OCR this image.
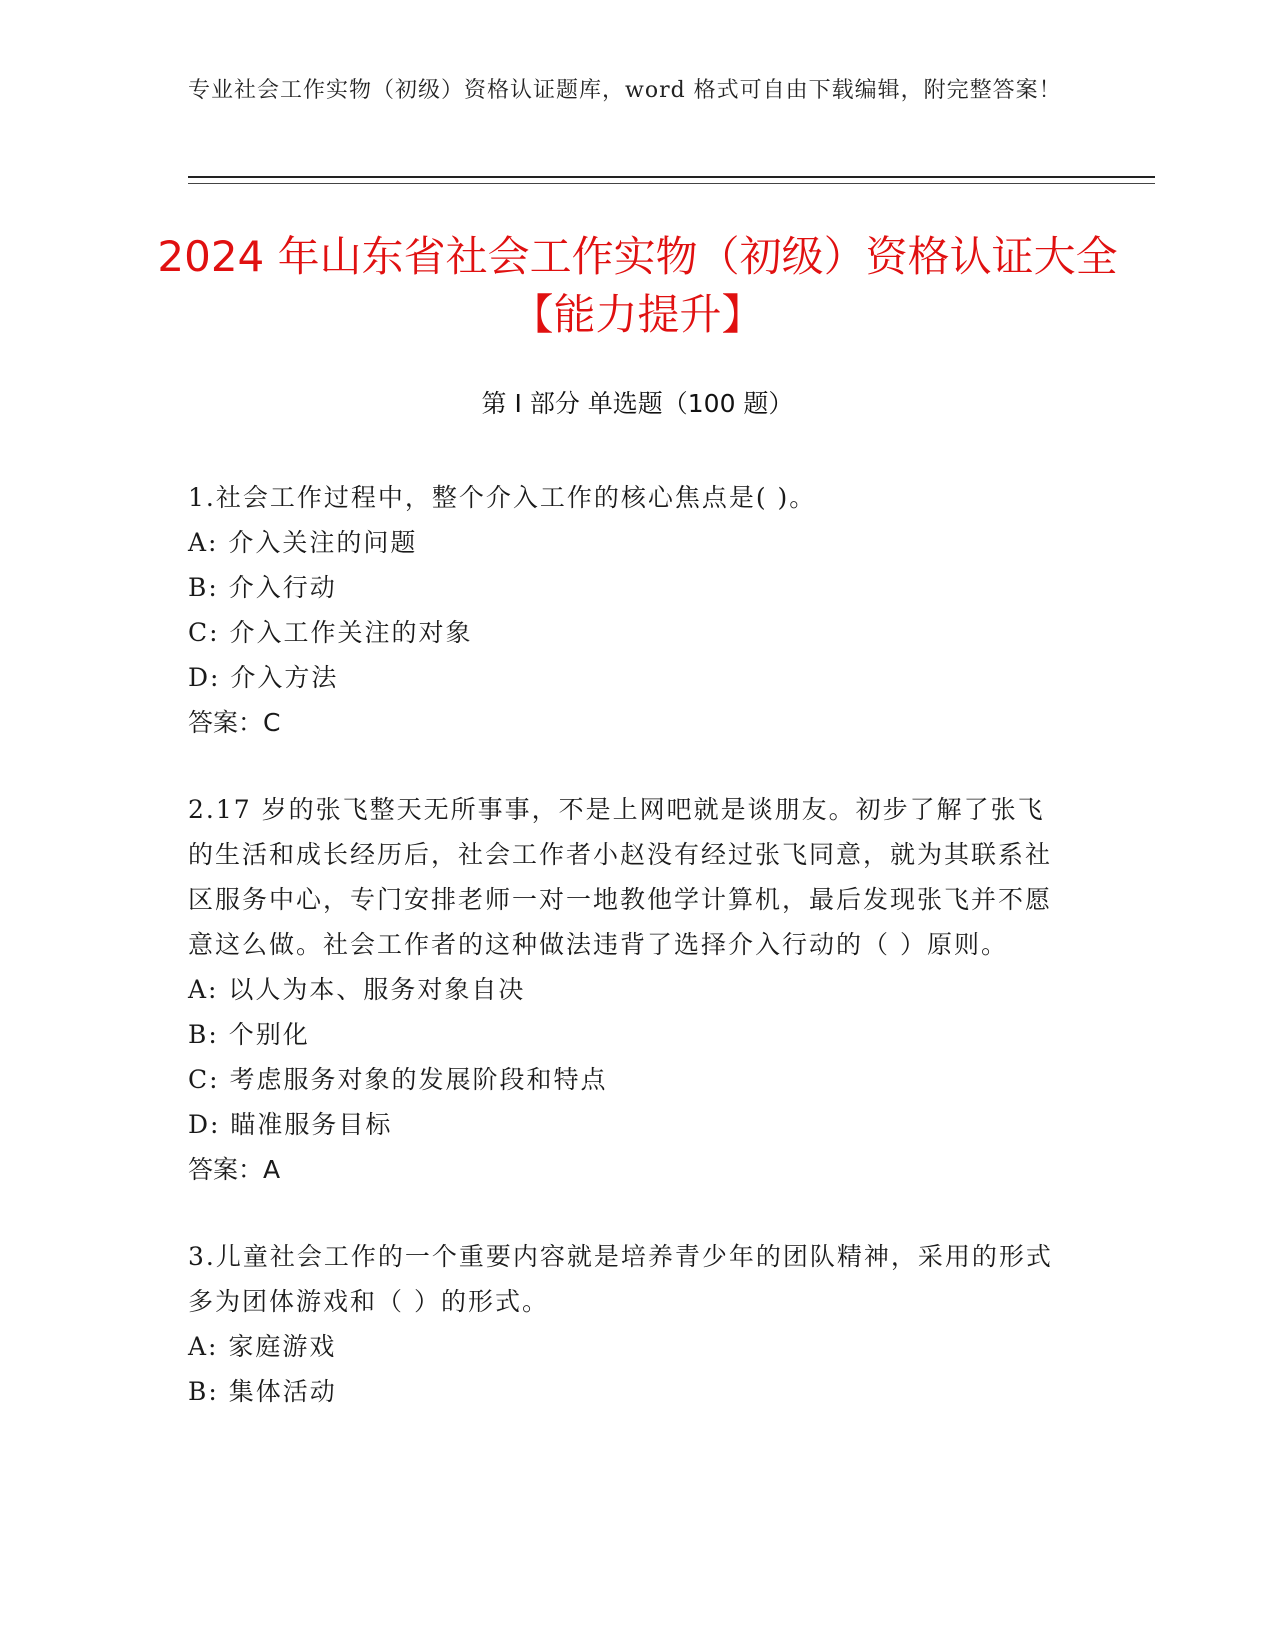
专业社会工作实物（初级）资格认证题库，word 格式可自由下载编辑，附完整答案！
2024 年山东省社会工作实物（初级）资格认证大全【能力提升】
第 I 部分 单选题（100 题）

1.社会工作过程中，整个介入工作的核心焦点是( )。

A: 介入关注的问题

B: 介入行动

C: 介入工作关注的对象

D: 介入方法

答案：C

2.17 岁的张飞整天无所事事，不是上网吧就是谈朋友。初步了解了张飞的生活和成长经历后，社会工作者小赵没有经过张飞同意，就为其联系社区服务中心，专门安排老师一对一地教他学计算机，最后发现张飞并不愿意这么做。社会工作者的这种做法违背了选择介入行动的（ ）原则。

A: 以人为本、服务对象自决

B: 个别化

C: 考虑服务对象的发展阶段和特点

D: 瞄准服务目标

答案：A

3.儿童社会工作的一个重要内容就是培养青少年的团队精神，采用的形式多为团体游戏和（ ）的形式。

A: 家庭游戏

B: 集体活动
